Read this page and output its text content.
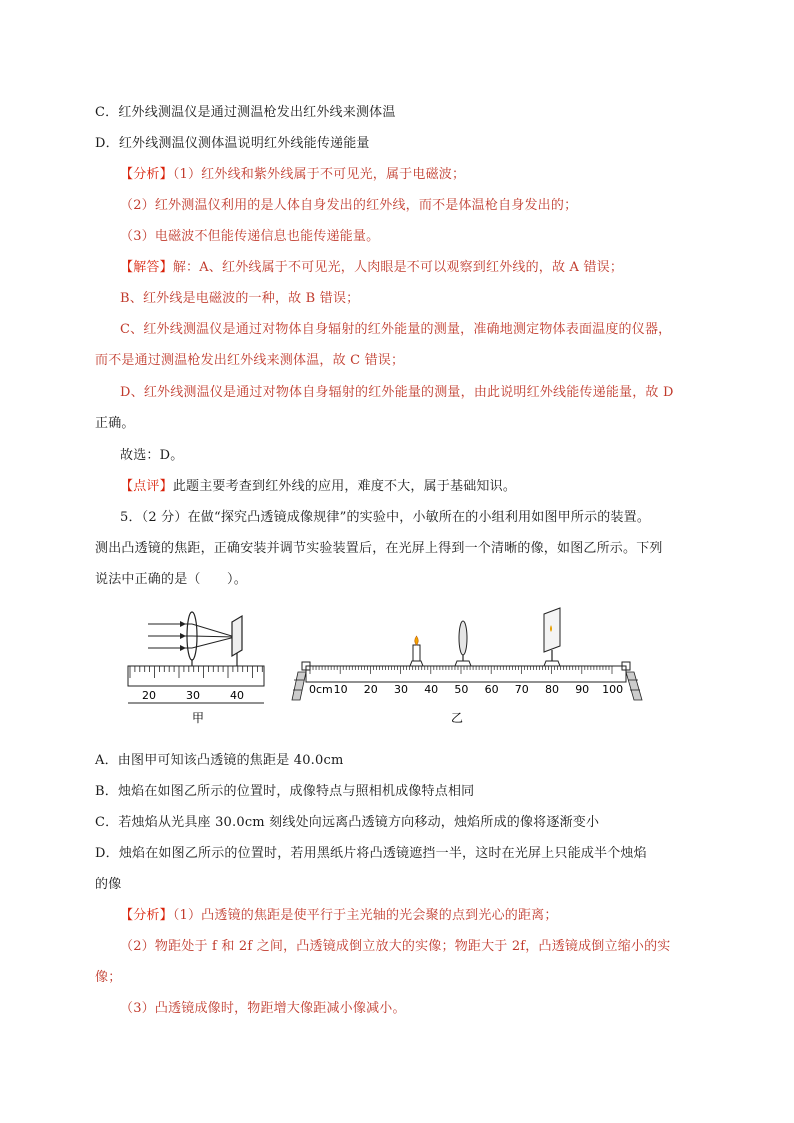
C．红外线测温仪是通过测温枪发出红外线来测体温
D．红外线测温仪测体温说明红外线能传递能量
【分析】（1）红外线和紫外线属于不可见光，属于电磁波；
（2）红外测温仪利用的是人体自身发出的红外线，而不是体温枪自身发出的；
（3）电磁波不但能传递信息也能传递能量。
【解答】解：A、红外线属于不可见光，人肉眼是不可以观察到红外线的，故 A 错误；
B、红外线是电磁波的一种，故 B 错误；
C、红外线测温仪是通过对物体自身辐射的红外能量的测量，准确地测定物体表面温度的仪器，
而不是通过测温枪发出红外线来测体温，故 C 错误；
D、红外线测温仪是通过对物体自身辐射的红外能量的测量，由此说明红外线能传递能量，故 D
正确。
故选：D。
【点评】此题主要考查到红外线的应用，难度不大，属于基础知识。
5．（2 分）在做“探究凸透镜成像规律”的实验中，小敏所在的小组利用如图甲所示的装置。
测出凸透镜的焦距，正确安装并调节实验装置后，在光屏上得到一个清晰的像，如图乙所示。下列
说法中正确的是（　　）。
20	30	40
甲
0cm 10 20 30 40 50 60 70 80 90 100
乙
A．由图甲可知该凸透镜的焦距是 40.0cm
B．烛焰在如图乙所示的位置时，成像特点与照相机成像特点相同
C．若烛焰从光具座 30.0cm 刻线处向远离凸透镜方向移动，烛焰所成的像将逐渐变小
D．烛焰在如图乙所示的位置时，若用黑纸片将凸透镜遮挡一半，这时在光屏上只能成半个烛焰
的像
【分析】（1）凸透镜的焦距是使平行于主光轴的光会聚的点到光心的距离；
（2）物距处于 f 和 2f 之间，凸透镜成倒立放大的实像；物距大于 2f，凸透镜成倒立缩小的实
像；
（3）凸透镜成像时，物距增大像距减小像减小。
